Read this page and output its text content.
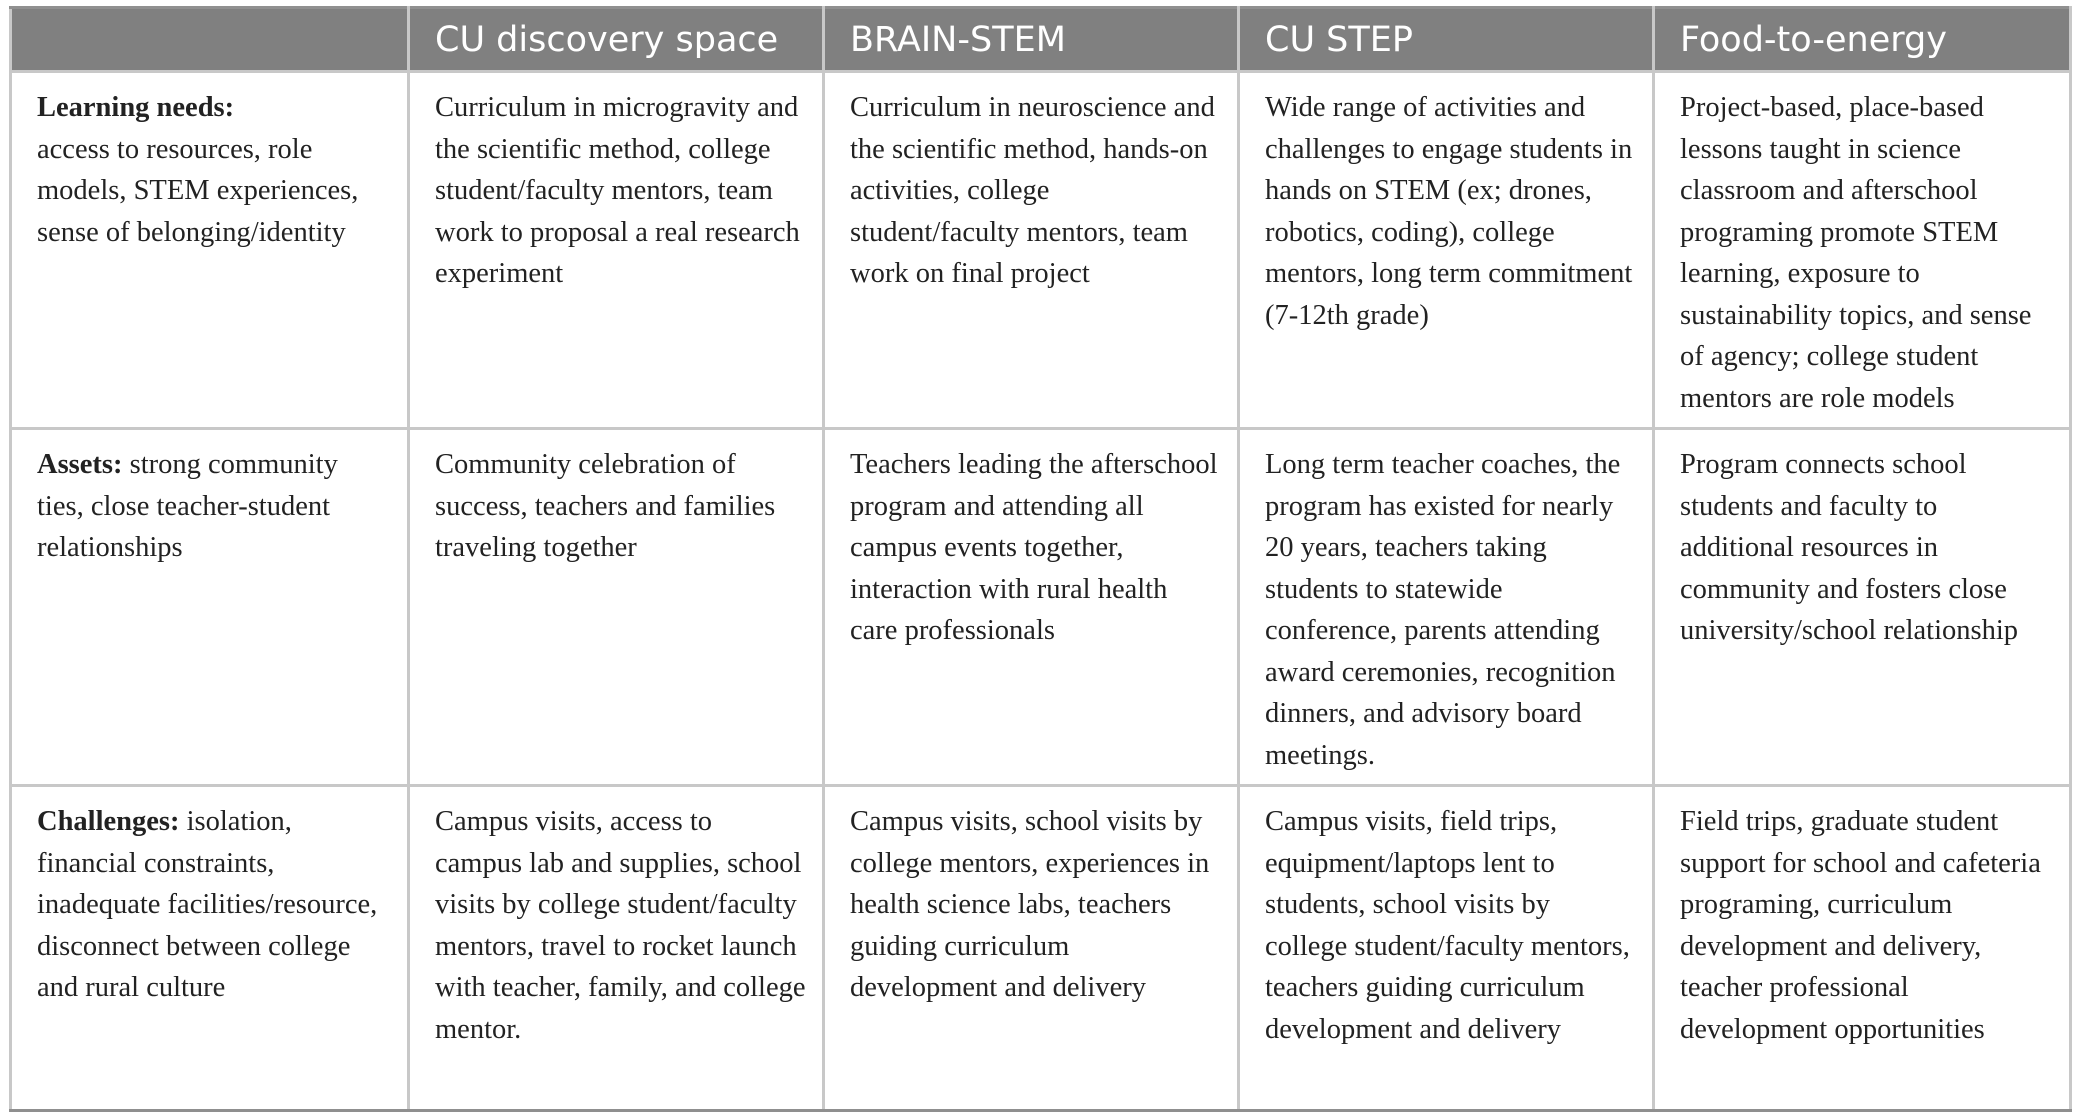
	CU discovery space	BRAIN-STEM	CU STEP	Food-to-energy
Learning needs:
access to resources, role models, STEM experiences, sense of belonging/identity	Curriculum in microgravity and the scientific method, college student/faculty mentors, team work to proposal a real research experiment	Curriculum in neuroscience and the scientific method, hands-on activities, college student/faculty mentors, team work on final project	Wide range of activities and challenges to engage students in hands on STEM (ex; drones, robotics, coding), college mentors, long term commitment (7-12th grade)	Project-based, place-based lessons taught in science classroom and afterschool programing promote STEM learning, exposure to sustainability topics, and sense of agency; college student mentors are role models
Assets: strong community ties, close teacher-student relationships	Community celebration of success, teachers and families traveling together	Teachers leading the afterschool program and attending all campus events together, interaction with rural health care professionals	Long term teacher coaches, the program has existed for nearly 20 years, teachers taking students to statewide conference, parents attending award ceremonies, recognition dinners, and advisory board meetings.	Program connects school students and faculty to additional resources in community and fosters close university/school relationship
Challenges: isolation, financial constraints, inadequate facilities/resource, disconnect between college and rural culture	Campus visits, access to campus lab and supplies, school visits by college student/faculty mentors, travel to rocket launch with teacher, family, and college mentor.	Campus visits, school visits by college mentors, experiences in health science labs, teachers guiding curriculum development and delivery	Campus visits, field trips, equipment/laptops lent to students, school visits by college student/faculty mentors, teachers guiding curriculum development and delivery	Field trips, graduate student support for school and cafeteria programing, curriculum development and delivery, teacher professional development opportunities
